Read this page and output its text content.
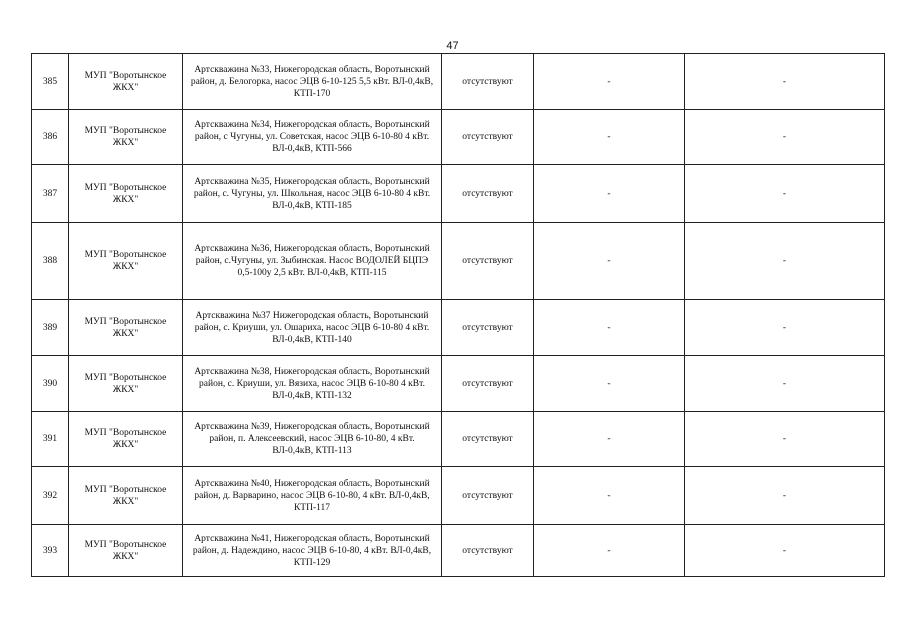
47
385	МУП "Воротынское ЖКХ"	Артскважина №33, Нижегородская область, Воротынский район, д. Белогорка, насос ЭЦВ 6-10-125 5,5 кВт. ВЛ-0,4кВ, КТП-170	отсутствуют	-	-
386	МУП "Воротынское ЖКХ"	Артскважина №34, Нижегородская область, Воротынский район, с Чугуны, ул. Советская, насос ЭЦВ 6-10-80 4 кВт. ВЛ-0,4кВ, КТП-566	отсутствуют	-	-
387	МУП "Воротынское ЖКХ"	Артскважина №35, Нижегородская область, Воротынский район, с. Чугуны, ул. Школьная, насос ЭЦВ 6-10-80 4 кВт. ВЛ-0,4кВ, КТП-185	отсутствуют	-	-
388	МУП "Воротынское ЖКХ"	Артскважина №36, Нижегородская область, Воротынский район, с.Чугуны, ул. Зыбинская. Насос ВОДОЛЕЙ БЦПЭ 0,5-100у 2,5 кВт. ВЛ-0,4кВ, КТП-115	отсутствуют	-	-
389	МУП "Воротынское ЖКХ"	Артскважина №37 Нижегородская область, Воротынский район, с. Криуши, ул. Ошариха, насос ЭЦВ 6-10-80 4 кВт. ВЛ-0,4кВ, КТП-140	отсутствуют	-	-
390	МУП "Воротынское ЖКХ"	Артскважина №38, Нижегородская область, Воротынский район, с. Криуши, ул. Вязиха, насос ЭЦВ 6-10-80 4 кВт. ВЛ-0,4кВ, КТП-132	отсутствуют	-	-
391	МУП "Воротынское ЖКХ"	Артскважина №39, Нижегородская область, Воротынский район, п. Алексеевский, насос ЭЦВ 6-10-80, 4 кВт. ВЛ-0,4кВ, КТП-113	отсутствуют	-	-
392	МУП "Воротынское ЖКХ"	Артскважина №40, Нижегородская область, Воротынский район, д. Варварино, насос ЭЦВ 6-10-80, 4 кВт. ВЛ-0,4кВ, КТП-117	отсутствуют	-	-
393	МУП "Воротынское ЖКХ"	Артскважина №41, Нижегородская область, Воротынский район, д. Надеждино, насос ЭЦВ 6-10-80, 4 кВт. ВЛ-0,4кВ, КТП-129	отсутствуют	-	-
